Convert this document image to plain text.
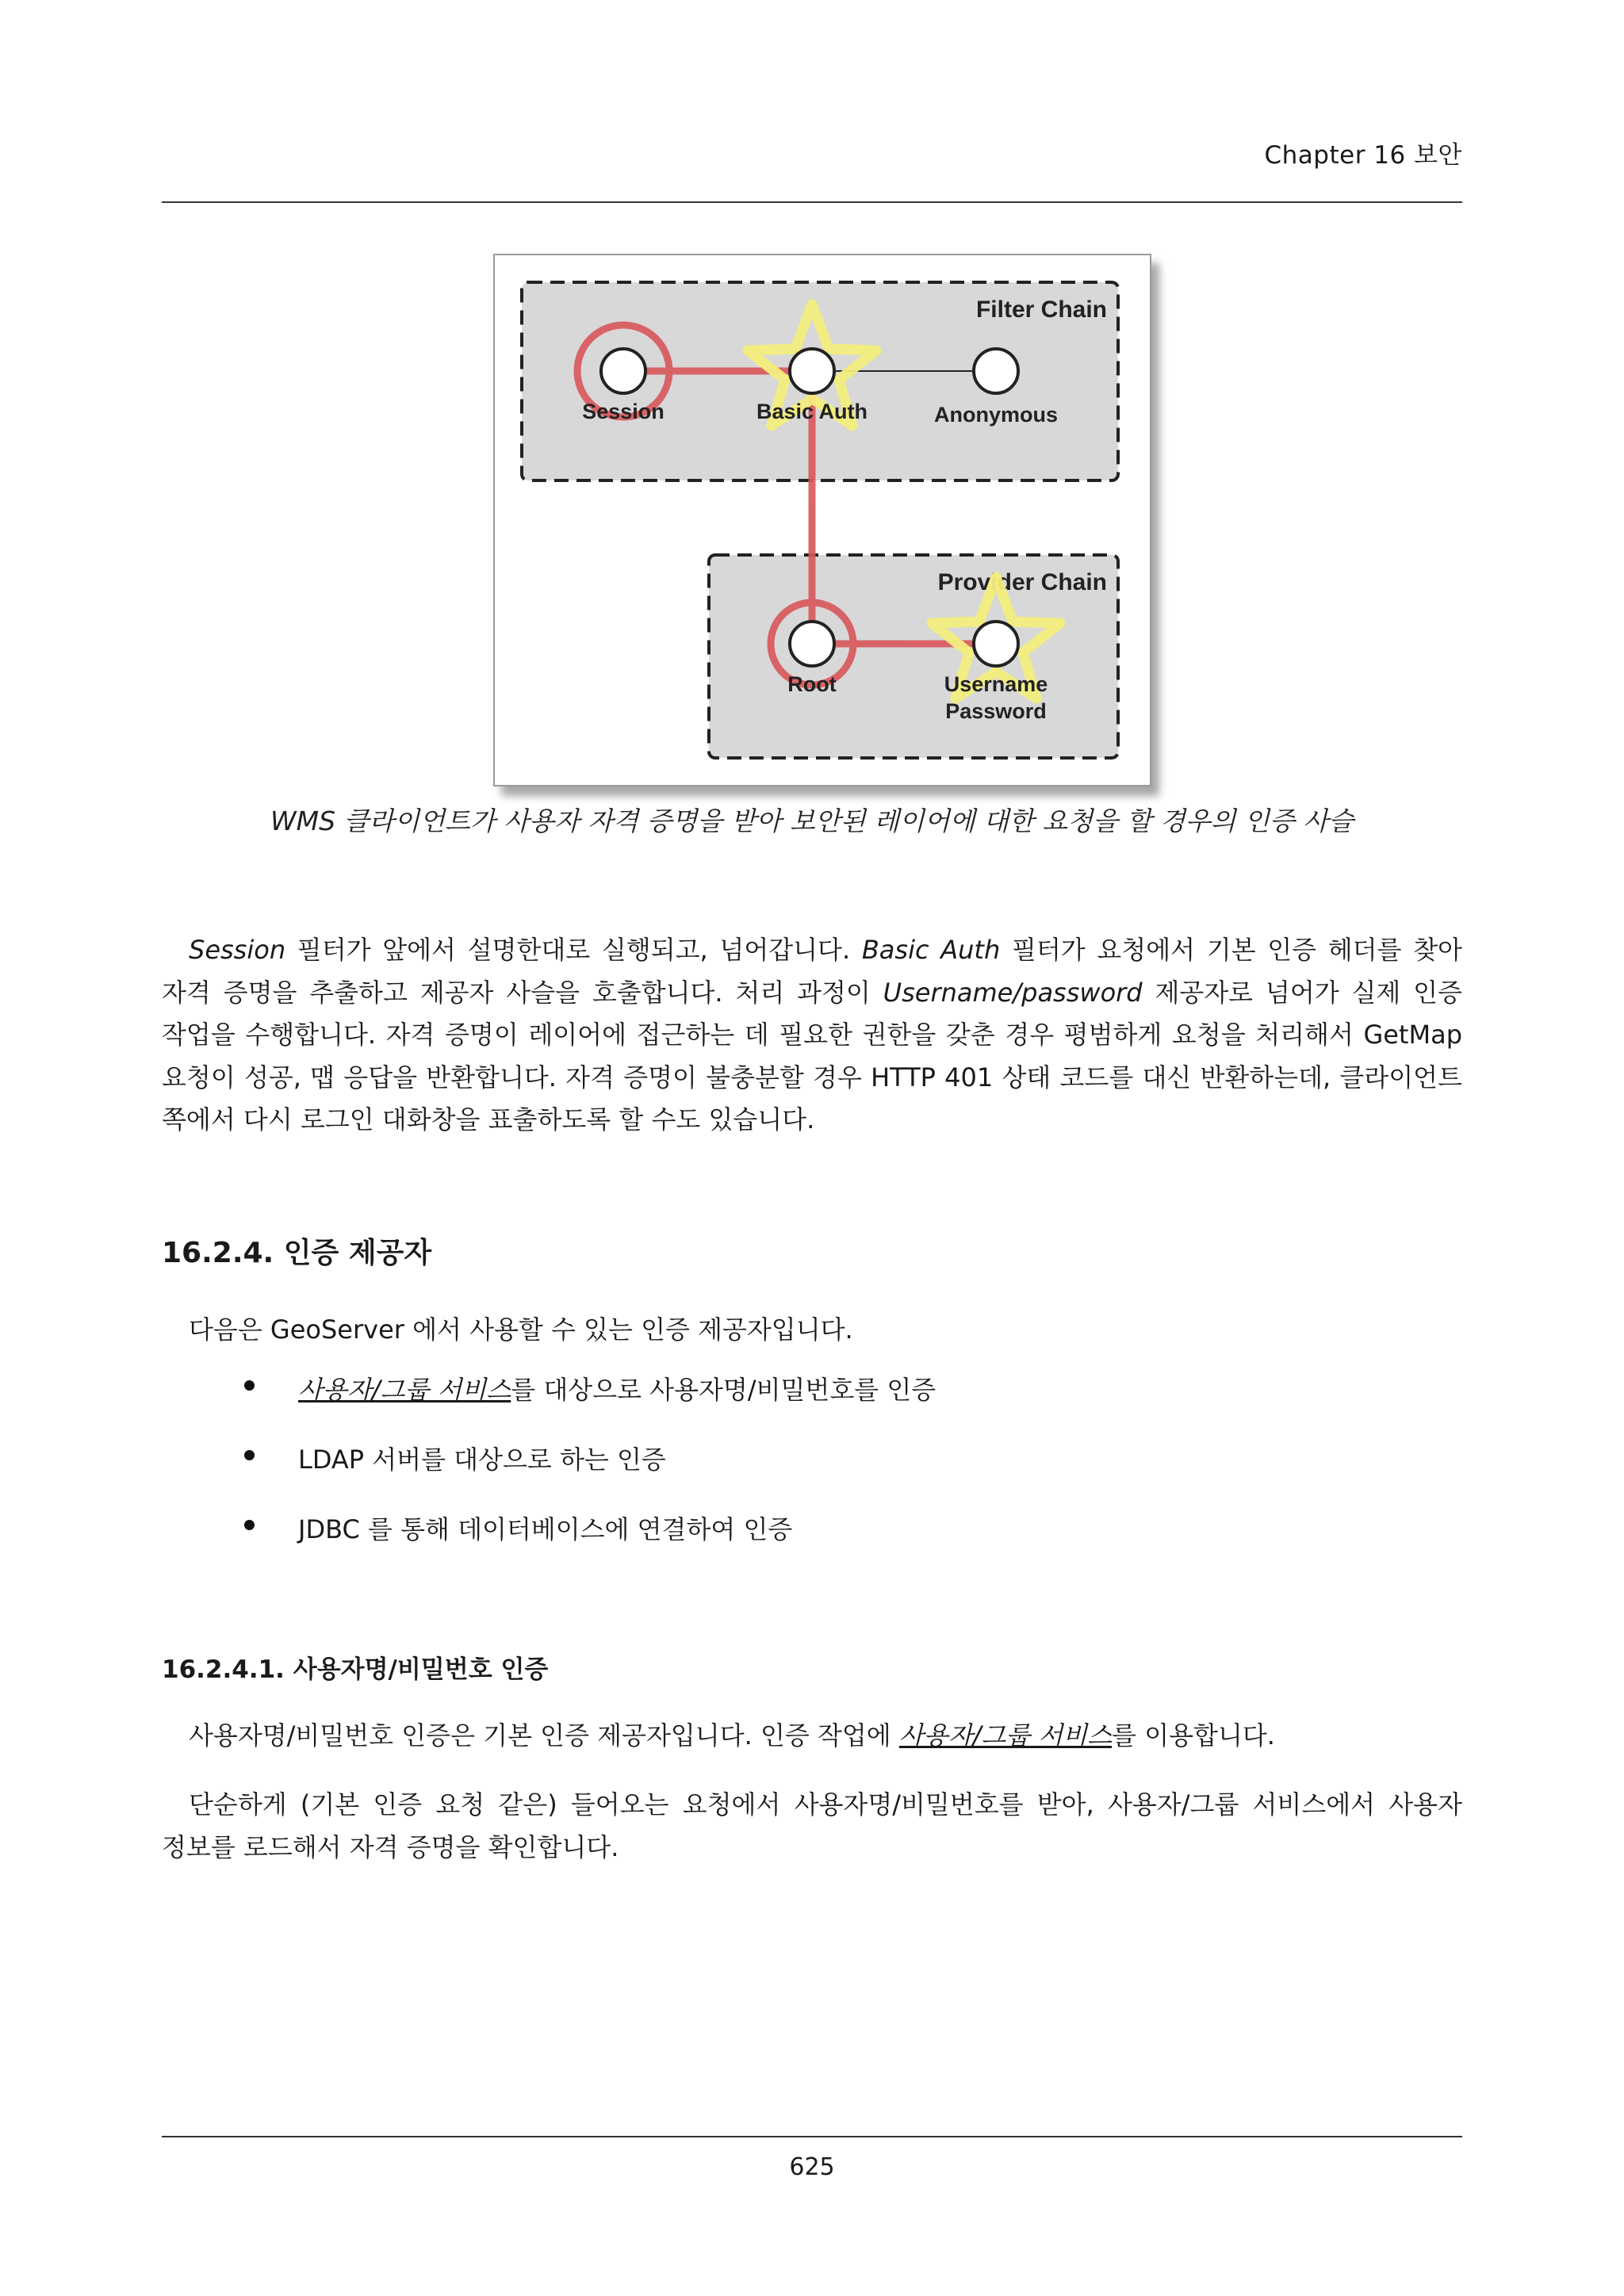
Chapter 16 보안
Filter Chain
Provider Chain
Session	Basic Auth	Anonymous
Root	Username
Password
WMS 클라이언트가 사용자 자격 증명을 받아 보안된 레이어에 대한 요청을 할 경우의 인증 사슬
Session 필터가 앞에서 설명한대로 실행되고, 넘어갑니다. Basic Auth 필터가 요청에서 기본 인증 헤더를 찾아 자격 증명을 추출하고 제공자 사슬을 호출합니다. 처리 과정이 Username/password 제공자로 넘어가 실제 인증 작업을 수행합니다. 자격 증명이 레이어에 접근하는 데 필요한 권한을 갖춘 경우 평범하게 요청을 처리해서 GetMap 요청이 성공, 맵 응답을 반환합니다. 자격 증명이 불충분할 경우 HTTP 401 상태 코드를 대신 반환하는데, 클라이언트 쪽에서 다시 로그인 대화창을 표출하도록 할 수도 있습니다.
16.2.4. 인증 제공자
다음은 GeoServer 에서 사용할 수 있는 인증 제공자입니다.
사용자/그룹 서비스를 대상으로 사용자명/비밀번호를 인증
LDAP 서버를 대상으로 하는 인증
JDBC 를 통해 데이터베이스에 연결하여 인증
16.2.4.1. 사용자명/비밀번호 인증
사용자명/비밀번호 인증은 기본 인증 제공자입니다. 인증 작업에 사용자/그룹 서비스를 이용합니다.
단순하게 (기본 인증 요청 같은) 들어오는 요청에서 사용자명/비밀번호를 받아, 사용자/그룹 서비스에서 사용자 정보를 로드해서 자격 증명을 확인합니다.
625
